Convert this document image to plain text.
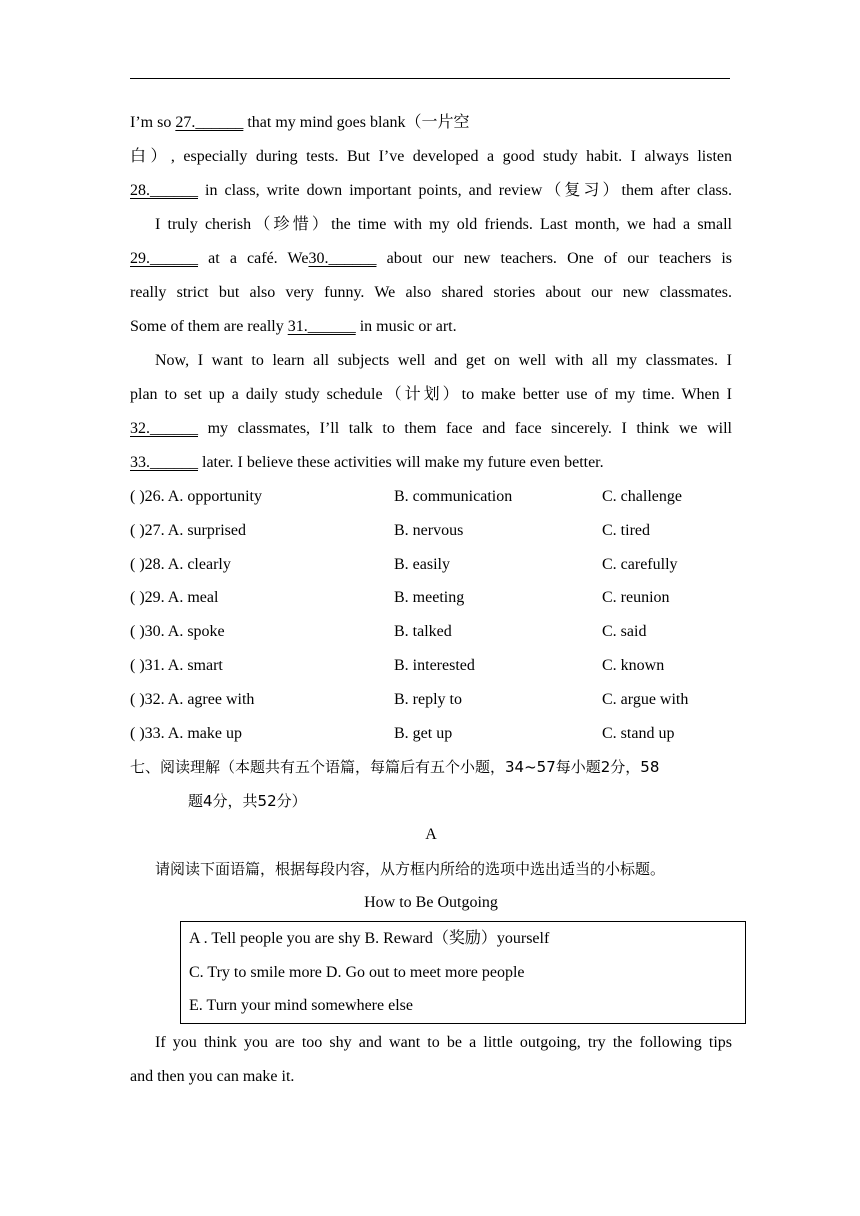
I’m so 27.______ that my mind goes blank（一片空
白）, especially during tests. But I’ve developed a good study habit. I always listen
28.______ in class, write down important points, and review（复习）them after class.
I truly cherish（珍惜）the time with my old friends. Last month, we had a small
29.______ at a café. We30.______ about our new teachers. One of our teachers is
really strict but also very funny. We also shared stories about our new classmates.
Some of them are really 31.______ in music or art.
Now, I want to learn all subjects well and get on well with all my classmates. I
plan to set up a daily study schedule（计划）to make better use of my time. When I
32.______ my classmates, I’ll talk to them face and face sincerely. I think we will
33.______ later. I believe these activities will make my future even better.
( )26. A. opportunity	B. communication	C. challenge
( )27. A. surprised	B. nervous	C. tired
( )28. A. clearly	B. easily	C. carefully
( )29. A. meal	B. meeting	C. reunion
( )30. A. spoke	B. talked	C. said
( )31. A. smart	B. interested	C. known
( )32. A. agree with	B. reply to	C. argue with
( )33. A. make up	B. get up	C. stand up
七、阅读理解（本题共有五个语篇，每篇后有五个小题，34~57每小题2分，58
题4分，共52分）
A
请阅读下面语篇，根据每段内容，从方框内所给的选项中选出适当的小标题。
How to Be Outgoing
A . Tell people you are shy B. Reward（奖励）yourself
C. Try to smile more D. Go out to meet more people
E. Turn your mind somewhere else
If you think you are too shy and want to be a little outgoing, try the following tips
and then you can make it.
